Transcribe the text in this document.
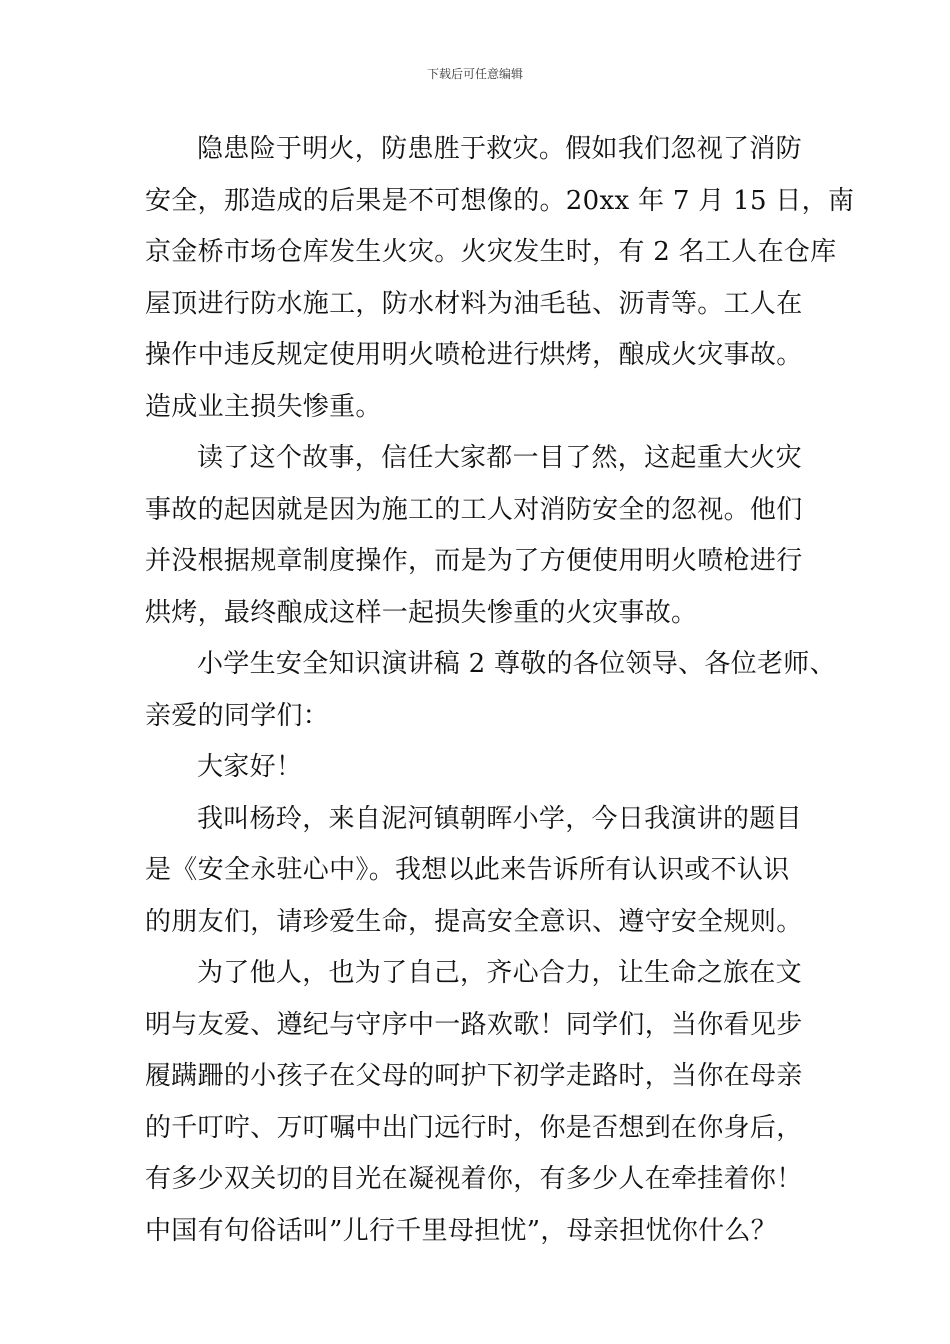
下载后可任意编辑

隐患险于明火，防患胜于救灾。假如我们忽视了消防
安全，那造成的后果是不可想像的。20xx 年 7 月 15 日，南
京金桥市场仓库发生火灾。火灾发生时，有 2 名工人在仓库
屋顶进行防水施工，防水材料为油毛毡、沥青等。工人在
操作中违反规定使用明火喷枪进行烘烤，酿成火灾事故。
造成业主损失惨重。

读了这个故事，信任大家都一目了然，这起重大火灾
事故的起因就是因为施工的工人对消防安全的忽视。他们
并没根据规章制度操作，而是为了方便使用明火喷枪进行
烘烤，最终酿成这样一起损失惨重的火灾事故。

小学生安全知识演讲稿 2 尊敬的各位领导、各位老师、
亲爱的同学们：

大家好！

我叫杨玲，来自泥河镇朝晖小学，今日我演讲的题目
是《安全永驻心中》。我想以此来告诉所有认识或不认识
的朋友们，请珍爱生命，提高安全意识、遵守安全规则。

为了他人，也为了自己，齐心合力，让生命之旅在文
明与友爱、遵纪与守序中一路欢歌！同学们，当你看见步
履蹒跚的小孩子在父母的呵护下初学走路时，当你在母亲
的千叮咛、万叮嘱中出门远行时，你是否想到在你身后，
有多少双关切的目光在凝视着你，有多少人在牵挂着你！
中国有句俗话叫”儿行千里母担忧”，母亲担忧你什么？
